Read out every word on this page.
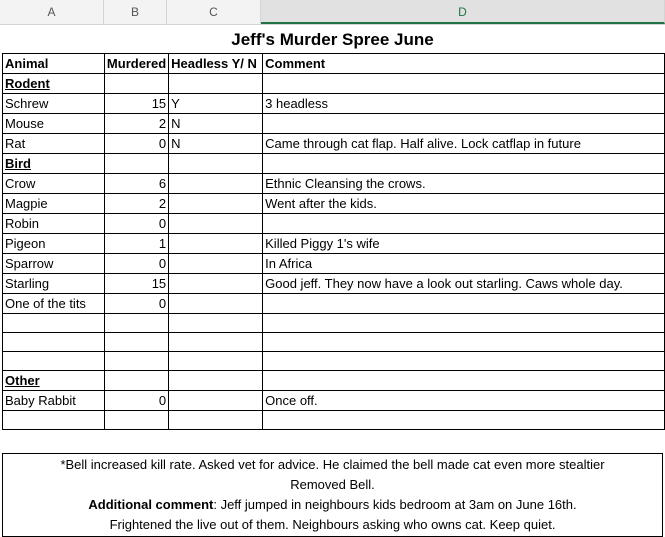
A	B	C	D
Jeff's Murder Spree June
Animal	Murdered	Headless Y/ N	Comment
Rodent			
Schrew	15	Y	3 headless
Mouse	2	N	
Rat	0	N	Came through cat flap. Half alive. Lock catflap in future
Bird			
Crow	6		Ethnic Cleansing the crows.
Magpie	2		Went after the kids.
Robin	0		
Pigeon	1		Killed Piggy 1's wife
Sparrow	0		In Africa
Starling	15		Good jeff. They now have a look out starling. Caws whole day.
One of the tits	0		

Other			
Baby Rabbit	0		Once off.

*Bell increased kill rate. Asked vet for advice. He claimed the bell made cat even more stealtier
Removed Bell.
Additional comment: Jeff jumped in neighbours kids bedroom at 3am on June 16th.
Frightened the live out of them. Neighbours asking who owns cat. Keep quiet.
